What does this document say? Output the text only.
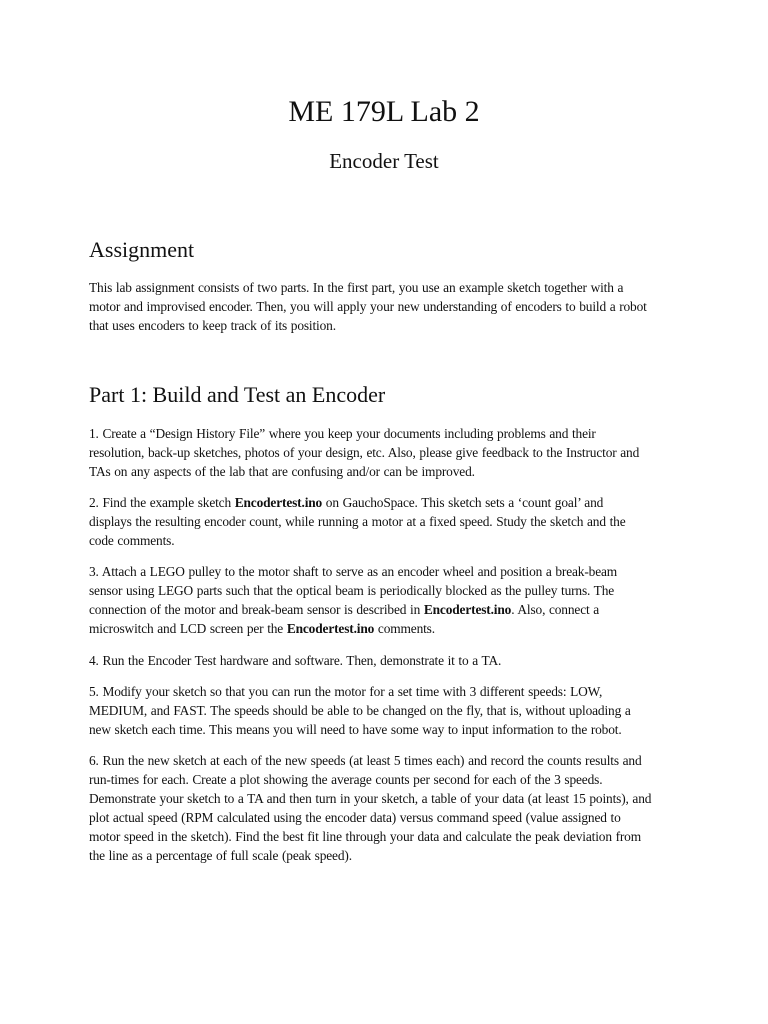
ME 179L Lab 2
Encoder Test
Assignment

This lab assignment consists of two parts. In the first part, you use an example sketch together with a
motor and improvised encoder. Then, you will apply your new understanding of encoders to build a robot
that uses encoders to keep track of its position.

Part 1: Build and Test an Encoder

1. Create a “Design History File” where you keep your documents including problems and their
resolution, back-up sketches, photos of your design, etc. Also, please give feedback to the Instructor and
TAs on any aspects of the lab that are confusing and/or can be improved.

2. Find the example sketch Encodertest.ino on GauchoSpace. This sketch sets a ‘count goal’ and
displays the resulting encoder count, while running a motor at a fixed speed. Study the sketch and the
code comments.

3. Attach a LEGO pulley to the motor shaft to serve as an encoder wheel and position a break-beam
sensor using LEGO parts such that the optical beam is periodically blocked as the pulley turns. The
connection of the motor and break-beam sensor is described in Encodertest.ino. Also, connect a
microswitch and LCD screen per the Encodertest.ino comments.

4. Run the Encoder Test hardware and software. Then, demonstrate it to a TA.

5. Modify your sketch so that you can run the motor for a set time with 3 different speeds: LOW,
MEDIUM, and FAST. The speeds should be able to be changed on the fly, that is, without uploading a
new sketch each time. This means you will need to have some way to input information to the robot.

6. Run the new sketch at each of the new speeds (at least 5 times each) and record the counts results and
run-times for each. Create a plot showing the average counts per second for each of the 3 speeds.
Demonstrate your sketch to a TA and then turn in your sketch, a table of your data (at least 15 points), and
plot actual speed (RPM calculated using the encoder data) versus command speed (value assigned to
motor speed in the sketch). Find the best fit line through your data and calculate the peak deviation from
the line as a percentage of full scale (peak speed).
